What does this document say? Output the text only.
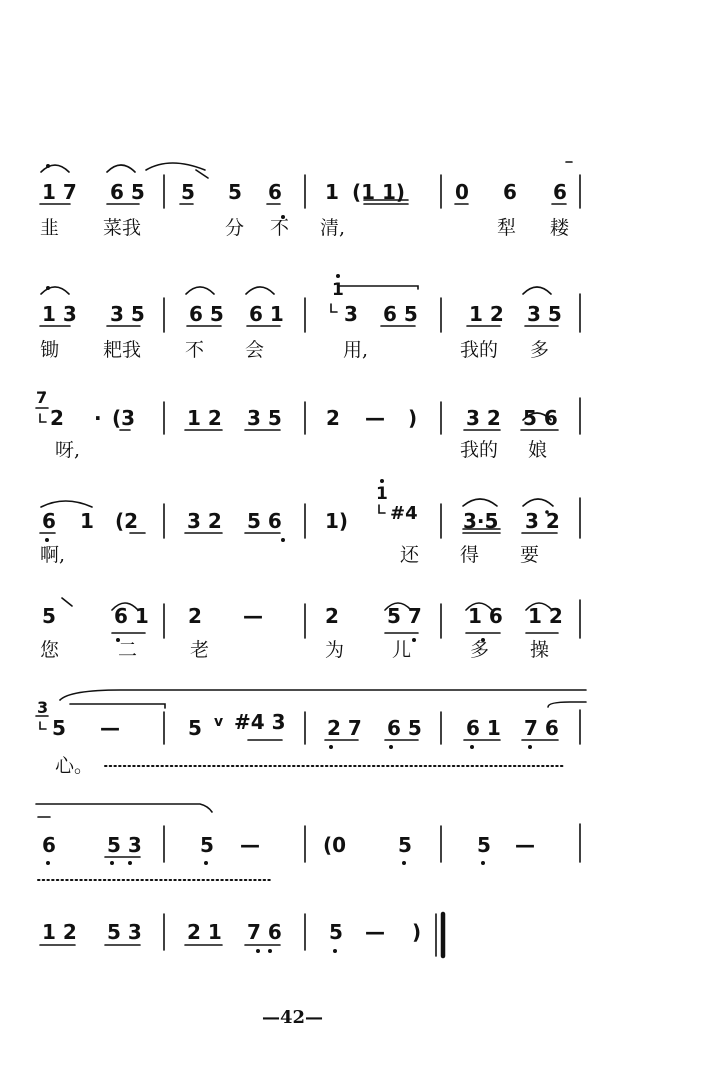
1 7 6 5 5 5 6 1 (1 1) 0 6 6
韭 菜我	分 不 清,	犁 耧
1 3 3 5 6 5 6 1
1
3 6 5	1 2 3 5
锄 耙我 不 会	用,	我的 多
7
2 · (3	1 2 3 5 2 — ) 3 2 5 6
呀,	我的 娘
6 1 (2 3 2 5 6 1)
1
#4 3·5 3 2
啊,	还 得 要
5	6 1 2 —	2 5 7 1 6 1 2
您	二	老	为	儿	多 操
3
5 —	5 v #4 3 2 7 6 5 6 1 7 6
心。
6	5 3	5 —	(0	5	5 —
1 2 5 3 2 1 7 6 5 — )
—42—
